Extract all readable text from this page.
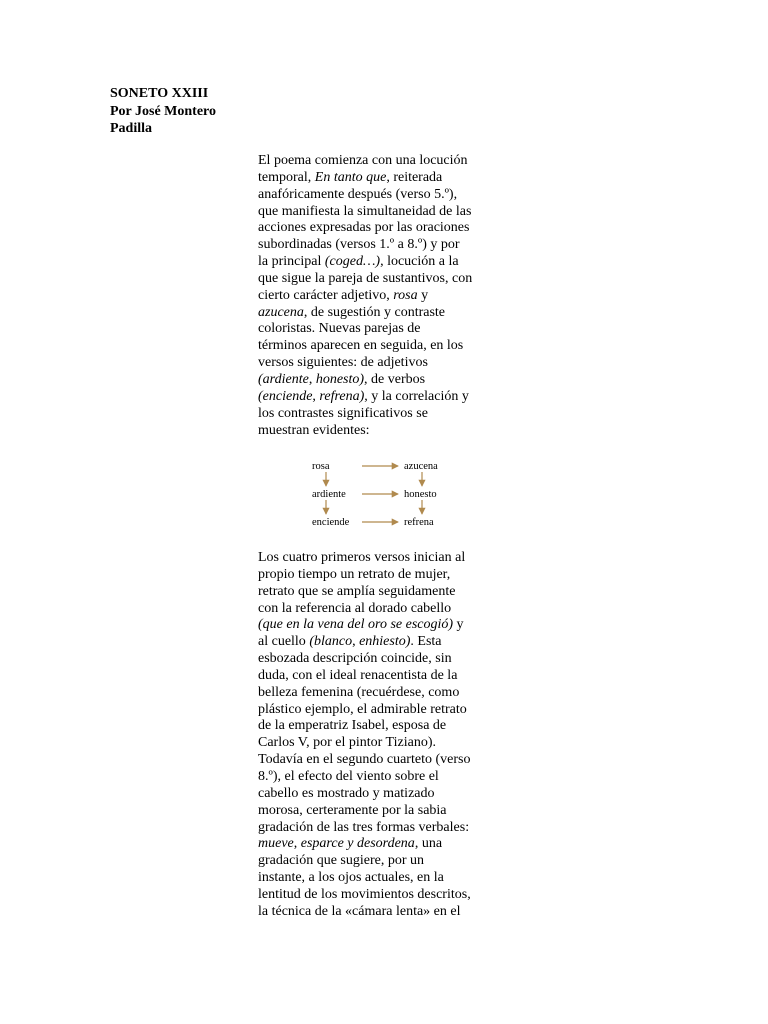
SONETO XXIII
Por José Montero
Padilla
El poema comienza con una locución
temporal, En tanto que, reiterada
anafóricamente después (verso 5.º),
que manifiesta la simultaneidad de las
acciones expresadas por las oraciones
subordinadas (versos 1.º a 8.º) y por
la principal (coged…), locución a la
que sigue la pareja de sustantivos, con
cierto carácter adjetivo, rosa y
azucena, de sugestión y contraste
coloristas. Nuevas parejas de
términos aparecen en seguida, en los
versos siguientes: de adjetivos
(ardiente, honesto), de verbos
(enciende, refrena), y la correlación y
los contrastes significativos se
muestran evidentes:
rosa	azucena
ardiente	honesto
enciende	refrena
Los cuatro primeros versos inician al
propio tiempo un retrato de mujer,
retrato que se amplía seguidamente
con la referencia al dorado cabello
(que en la vena del oro se escogió) y
al cuello (blanco, enhiesto). Esta
esbozada descripción coincide, sin
duda, con el ideal renacentista de la
belleza femenina (recuérdese, como
plástico ejemplo, el admirable retrato
de la emperatriz Isabel, esposa de
Carlos V, por el pintor Tiziano).
Todavía en el segundo cuarteto (verso
8.º), el efecto del viento sobre el
cabello es mostrado y matizado
morosa, certeramente por la sabia
gradación de las tres formas verbales:
mueve, esparce y desordena, una
gradación que sugiere, por un
instante, a los ojos actuales, en la
lentitud de los movimientos descritos,
la técnica de la «cámara lenta» en el
